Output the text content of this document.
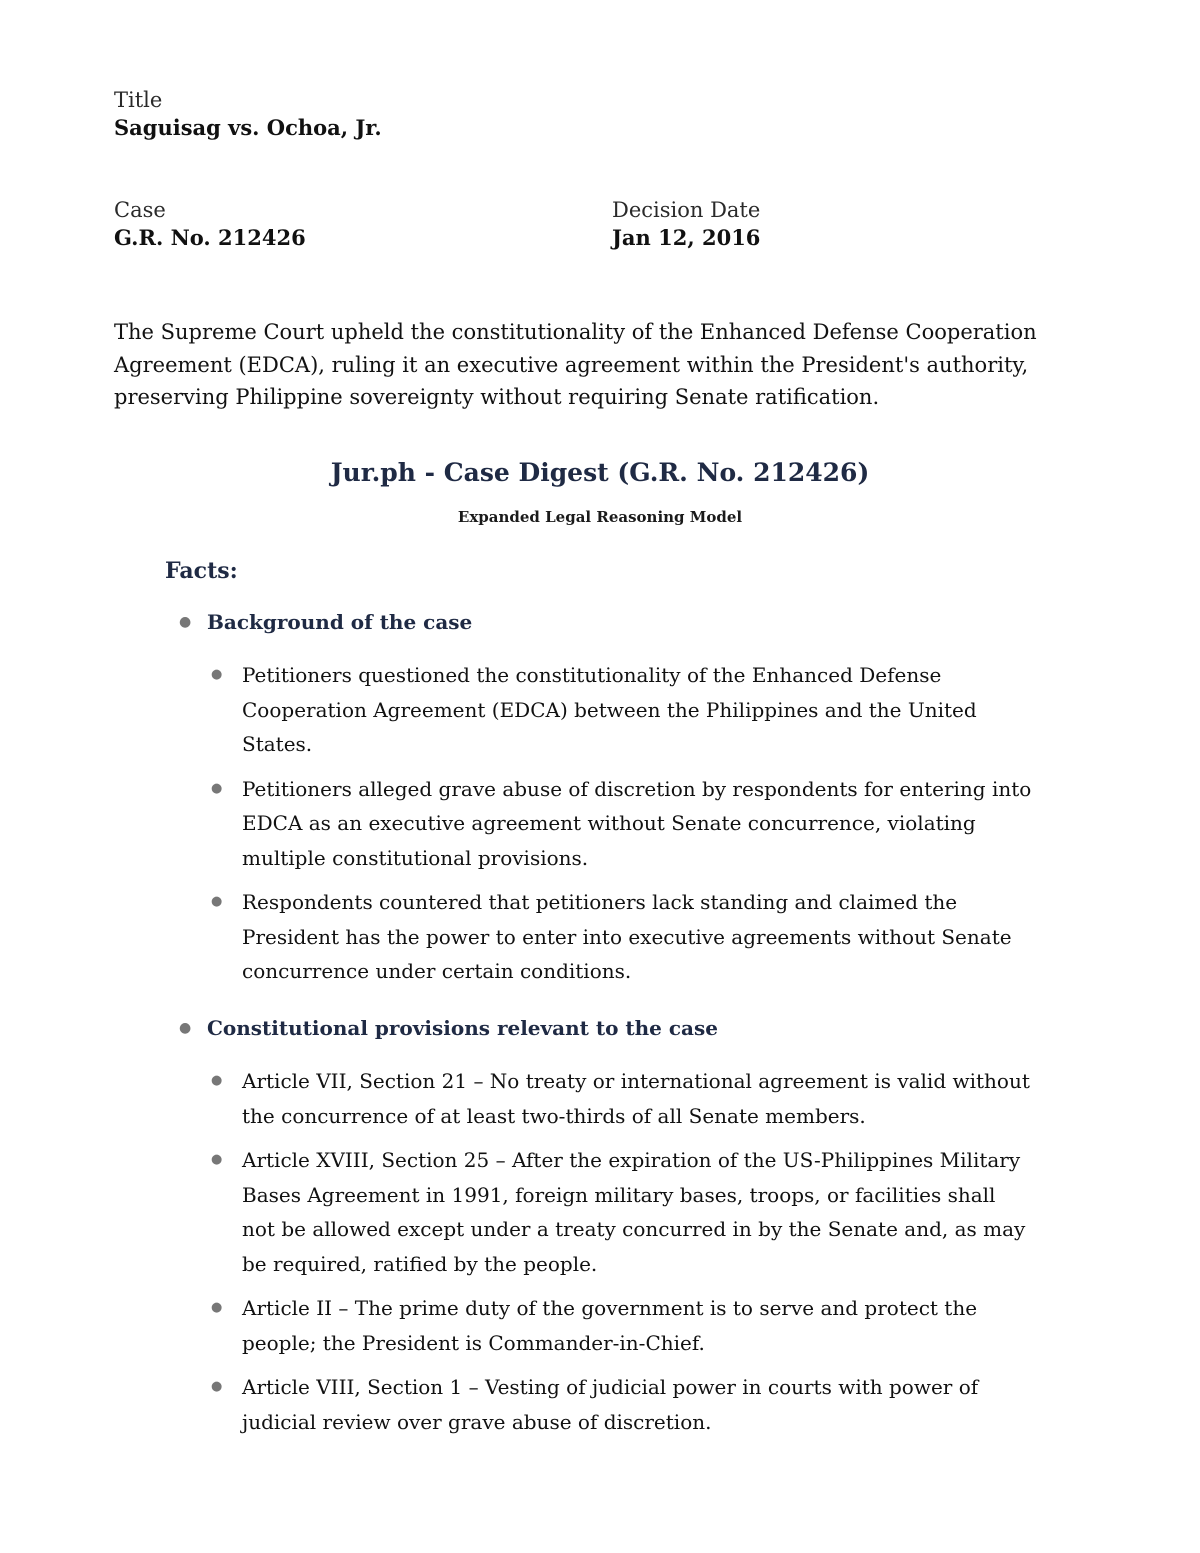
Title
Saguisag vs. Ochoa, Jr.
Case
G.R. No. 212426
Decision Date
Jan 12, 2016
The Supreme Court upheld the constitutionality of the Enhanced Defense Cooperation Agreement (EDCA), ruling it an executive agreement within the President's authority, preserving Philippine sovereignty without requiring Senate ratification.
Jur.ph - Case Digest (G.R. No. 212426)
Expanded Legal Reasoning Model
Facts:
● Background of the case
● Petitioners questioned the constitutionality of the Enhanced Defense Cooperation Agreement (EDCA) between the Philippines and the United States.
● Petitioners alleged grave abuse of discretion by respondents for entering into EDCA as an executive agreement without Senate concurrence, violating multiple constitutional provisions.
● Respondents countered that petitioners lack standing and claimed the President has the power to enter into executive agreements without Senate concurrence under certain conditions.
● Constitutional provisions relevant to the case
● Article VII, Section 21 – No treaty or international agreement is valid without the concurrence of at least two-thirds of all Senate members.
● Article XVIII, Section 25 – After the expiration of the US-Philippines Military Bases Agreement in 1991, foreign military bases, troops, or facilities shall not be allowed except under a treaty concurred in by the Senate and, as may be required, ratified by the people.
● Article II – The prime duty of the government is to serve and protect the people; the President is Commander-in-Chief.
● Article VIII, Section 1 – Vesting of judicial power in courts with power of judicial review over grave abuse of discretion.
